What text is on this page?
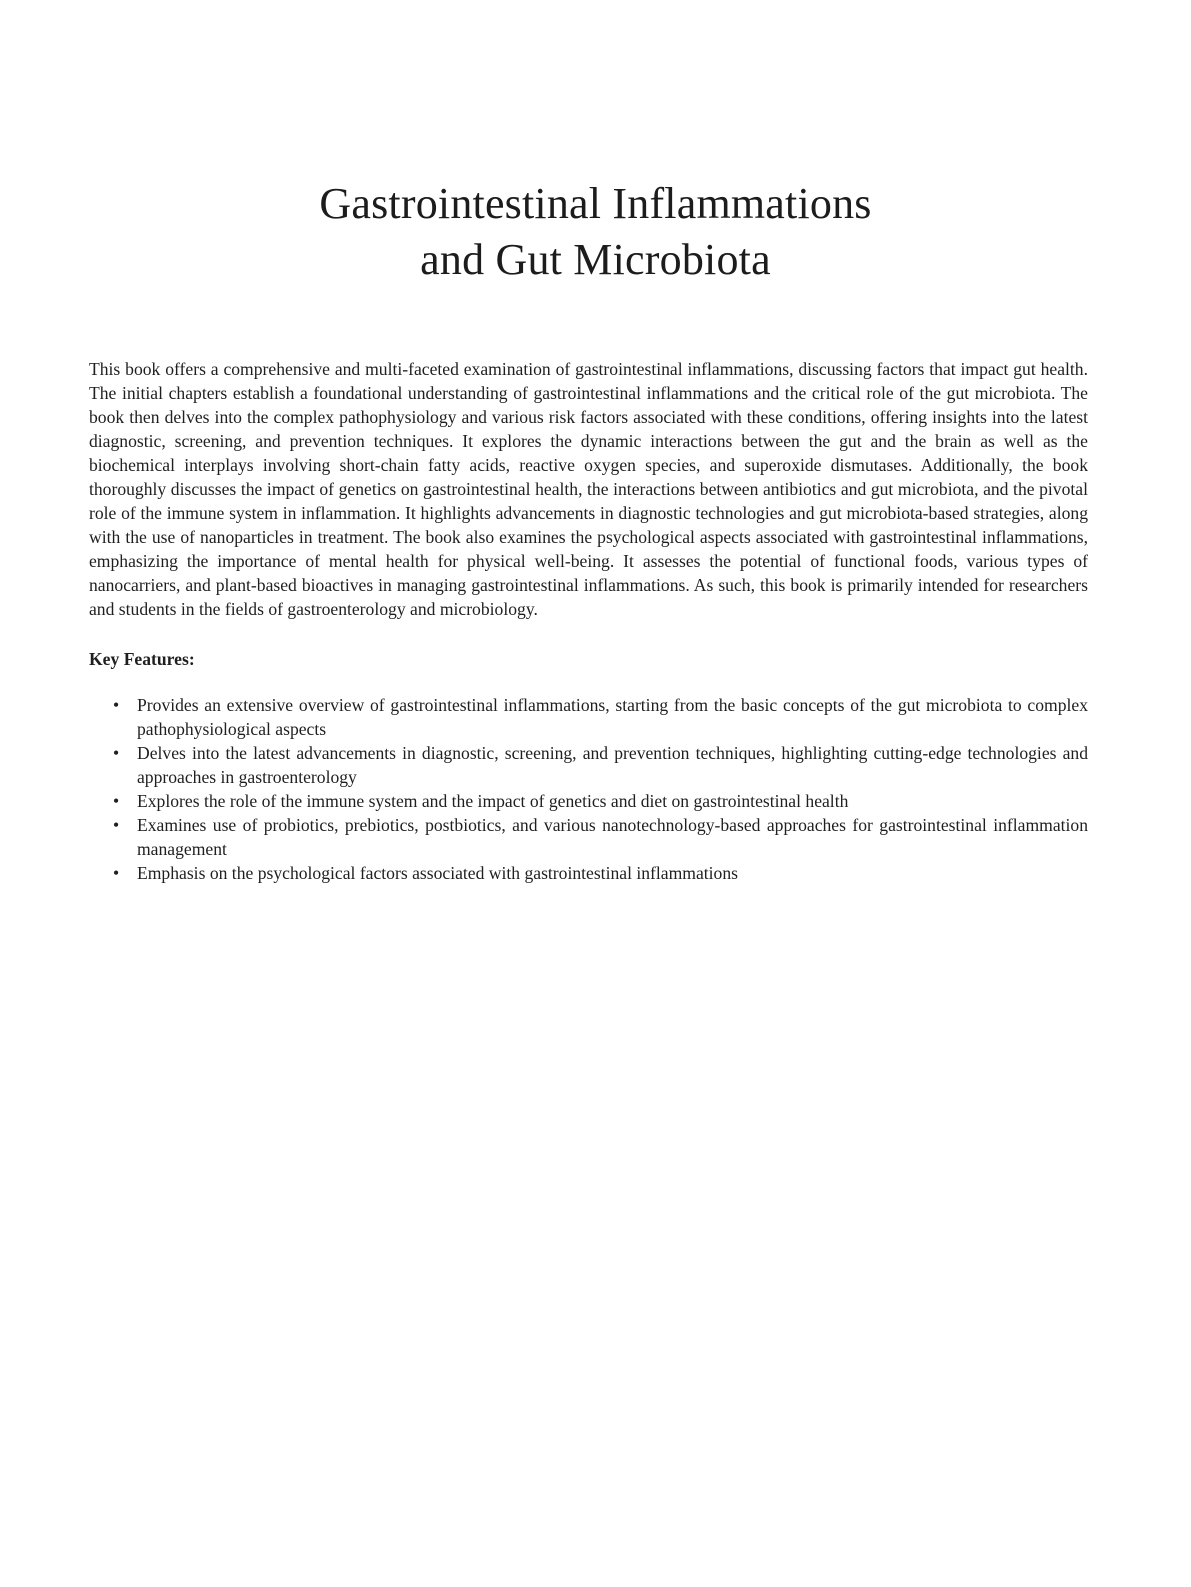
Gastrointestinal Inflammations
and Gut Microbiota

This book offers a comprehensive and multi-faceted examination of gastrointestinal inflammations, discussing factors that impact gut health. The initial chapters establish a foundational understanding of gastrointestinal inflammations and the critical role of the gut microbiota. The book then delves into the complex pathophysiology and various risk factors associated with these conditions, offering insights into the latest diagnostic, screening, and prevention techniques. It explores the dynamic interactions between the gut and the brain as well as the biochemical interplays involving short-chain fatty acids, reactive oxygen species, and superoxide dismutases. Additionally, the book thoroughly discusses the impact of genetics on gastrointestinal health, the interactions between antibiotics and gut microbiota, and the pivotal role of the immune system in inflammation. It highlights advancements in diagnostic technologies and gut microbiota-based strategies, along with the use of nanoparticles in treatment. The book also examines the psychological aspects associated with gastrointestinal inflammations, emphasizing the importance of mental health for physical well-being. It assesses the potential of functional foods, various types of nanocarriers, and plant-based bioactives in managing gastrointestinal inflammations. As such, this book is primarily intended for researchers and students in the fields of gastroenterology and microbiology.

Key Features:
•	Provides an extensive overview of gastrointestinal inflammations, starting from the basic concepts of the gut microbiota to complex pathophysiological aspects
•	Delves into the latest advancements in diagnostic, screening, and prevention techniques, highlighting cutting-edge technologies and approaches in gastroenterology
•	Explores the role of the immune system and the impact of genetics and diet on gastrointestinal health
•	Examines use of probiotics, prebiotics, postbiotics, and various nanotechnology-based approaches for gastrointestinal inflammation management
•	Emphasis on the psychological factors associated with gastrointestinal inflammations
